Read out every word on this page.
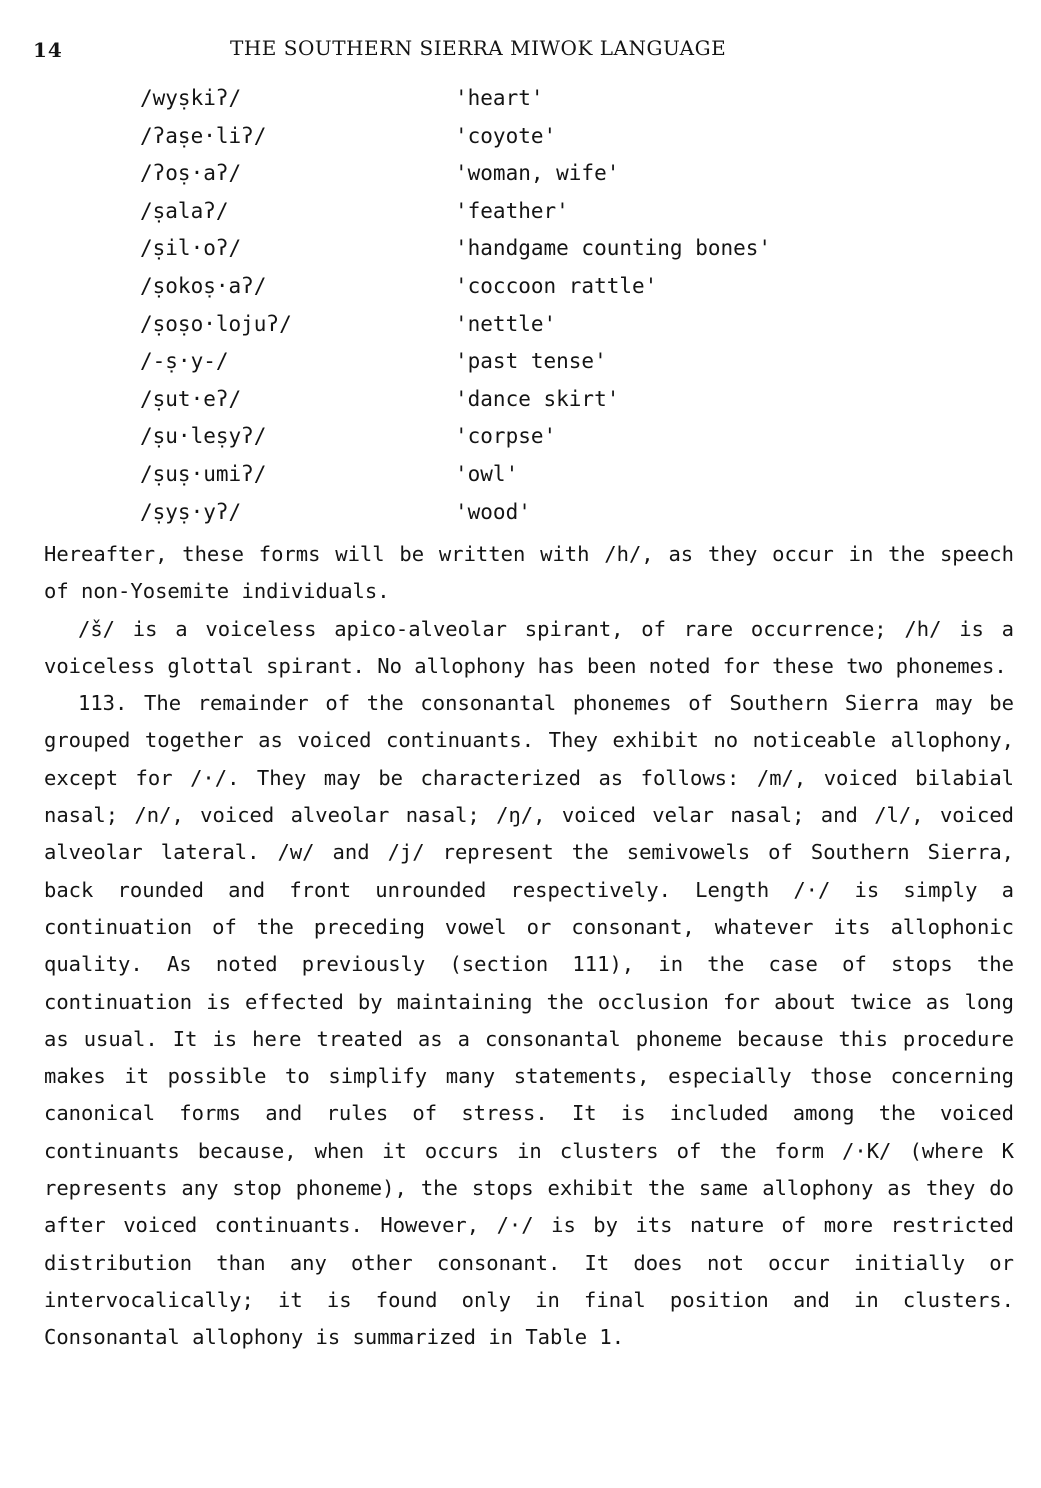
14	THE SOUTHERN SIERRA MIWOK LANGUAGE
/wyṣkiʔ/	'heart'
/ʔaṣe·liʔ/	'coyote'
/ʔoṣ·aʔ/	'woman, wife'
/ṣalaʔ/	'feather'
/ṣil·oʔ/	'handgame counting bones'
/ṣokoṣ·aʔ/	'coccoon rattle'
/ṣoṣo·lojuʔ/	'nettle'
/-ṣ·y-/	'past tense'
/ṣut·eʔ/	'dance skirt'
/ṣu·leṣyʔ/	'corpse'
/ṣuṣ·umiʔ/	'owl'
/ṣyṣ·yʔ/	'wood'

Hereafter, these forms will be written with /h/, as they occur in the speech of non-Yosemite individuals.

/š/ is a voiceless apico-alveolar spirant, of rare occurrence; /h/ is a voiceless glottal spirant. No allophony has been noted for these two phonemes.

113. The remainder of the consonantal phonemes of Southern Sierra may be grouped together as voiced continuants. They exhibit no noticeable allophony, except for /·/. They may be characterized as follows: /m/, voiced bilabial nasal; /n/, voiced alveolar nasal; /ŋ/, voiced velar nasal; and /l/, voiced alveolar lateral. /w/ and /j/ represent the semivowels of Southern Sierra, back rounded and front unrounded respectively. Length /·/ is simply a continuation of the preceding vowel or consonant, whatever its allophonic quality. As noted previously (section 111), in the case of stops the continuation is effected by maintaining the occlusion for about twice as long as usual. It is here treated as a consonantal phoneme because this procedure makes it possible to simplify many statements, especially those concerning canonical forms and rules of stress. It is included among the voiced continuants because, when it occurs in clusters of the form /·K/ (where K represents any stop phoneme), the stops exhibit the same allophony as they do after voiced continuants. However, /·/ is by its nature of more restricted distribution than any other consonant. It does not occur initially or intervocalically; it is found only in final position and in clusters. Consonantal allophony is summarized in Table 1.
